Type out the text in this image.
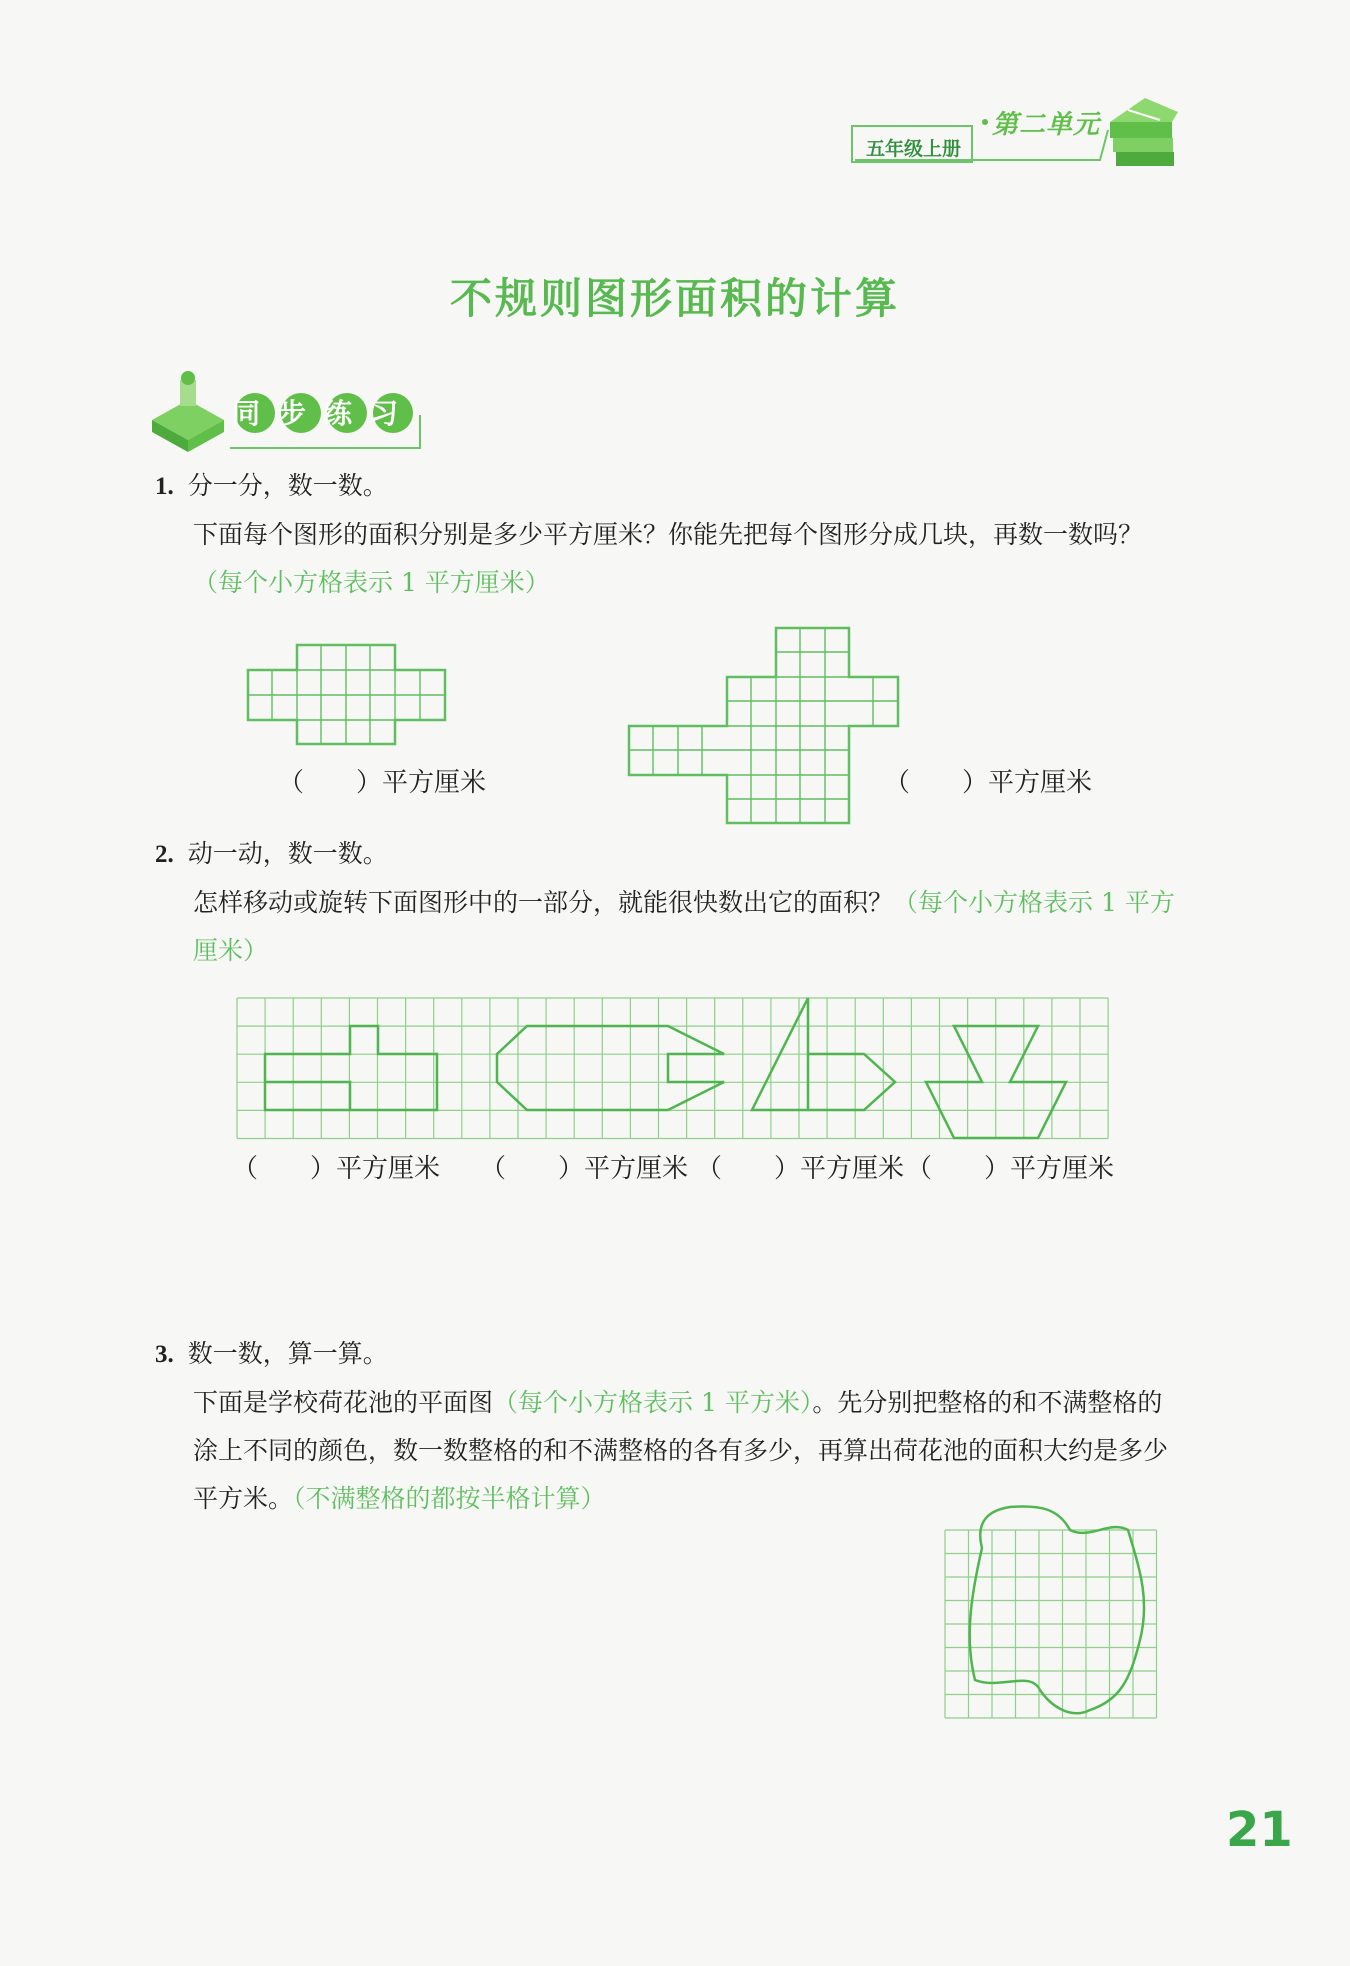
五年级上册
第二单元
不规则图形面积的计算
同步练习
1. 分一分，数一数。
下面每个图形的面积分别是多少平方厘米？你能先把每个图形分成几块，再数一数吗？（每个小方格表示 1 平方厘米）
（　　）平方厘米	（　　）平方厘米
2. 动一动，数一数。
怎样移动或旋转下面图形中的一部分，就能很快数出它的面积？（每个小方格表示 1 平方厘米）
（　　）平方厘米 （　　）平方厘米 （　　）平方厘米 （　　）平方厘米
3. 数一数，算一算。
下面是学校荷花池的平面图（每个小方格表示 1 平方米）。先分别把整格的和不满整格的涂上不同的颜色，数一数整格的和不满整格的各有多少，再算出荷花池的面积大约是多少平方米。（不满整格的都按半格计算）
21
